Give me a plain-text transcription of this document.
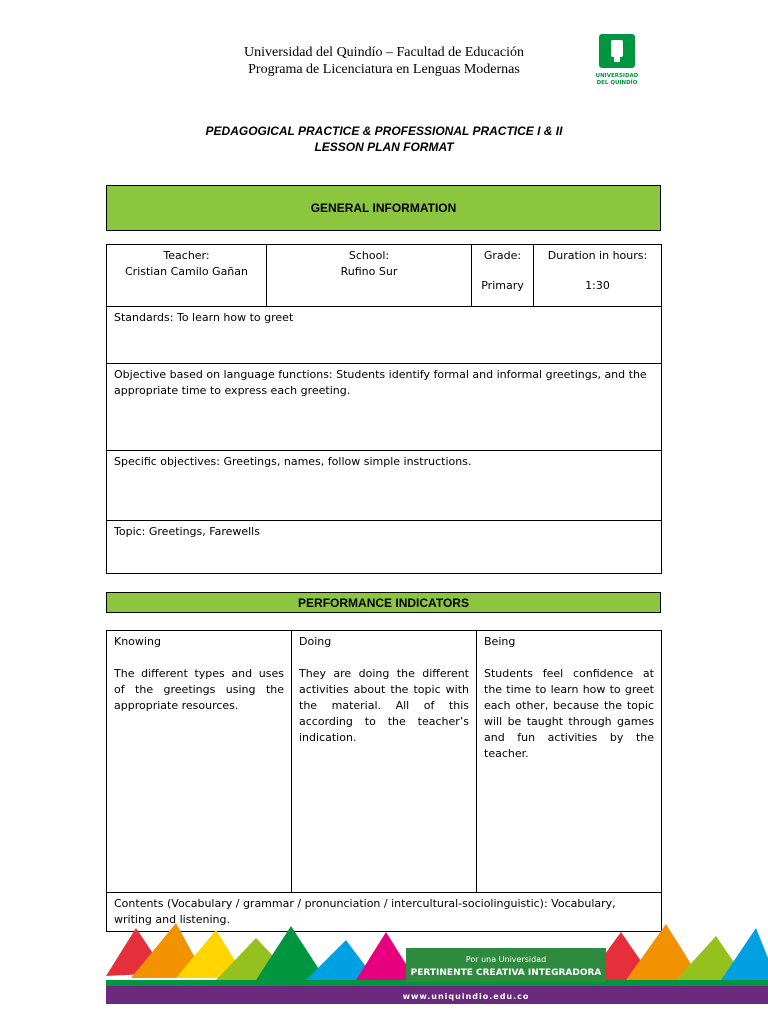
Universidad del Quindío – Facultad de Educación
Programa de Licenciatura en Lenguas Modernas	UNIVERSIDAD
DEL QUINDÍO
PEDAGOGICAL PRACTICE & PROFESSIONAL PRACTICE I & II
LESSON PLAN FORMAT
GENERAL INFORMATION
Teacher:
Cristian Camilo Gañan

School:
Rufino Sur

Grade:
Primary

Duration in hours:
1:30

Standards: To learn how to greet
Objective based on language functions: Students identify formal and informal greetings, and the appropriate time to express each greeting.
Specific objectives: Greetings, names, follow simple instructions.
Topic: Greetings, Farewells
PERFORMANCE INDICATORS
Knowing
The different types and uses of the greetings using the appropriate resources.

Doing
They are doing the different activities about the topic with the material. All of this according to the teacher’s indication.

Being
Students feel confidence at the time to learn how to greet each other, because the topic will be taught through games and fun activities by the teacher.

Contents (Vocabulary / grammar / pronunciation / intercultural-sociolinguistic): Vocabulary, writing and listening.
Por una Universidad
PERTINENTE CREATIVA INTEGRADORA
www.uniquindio.edu.co
